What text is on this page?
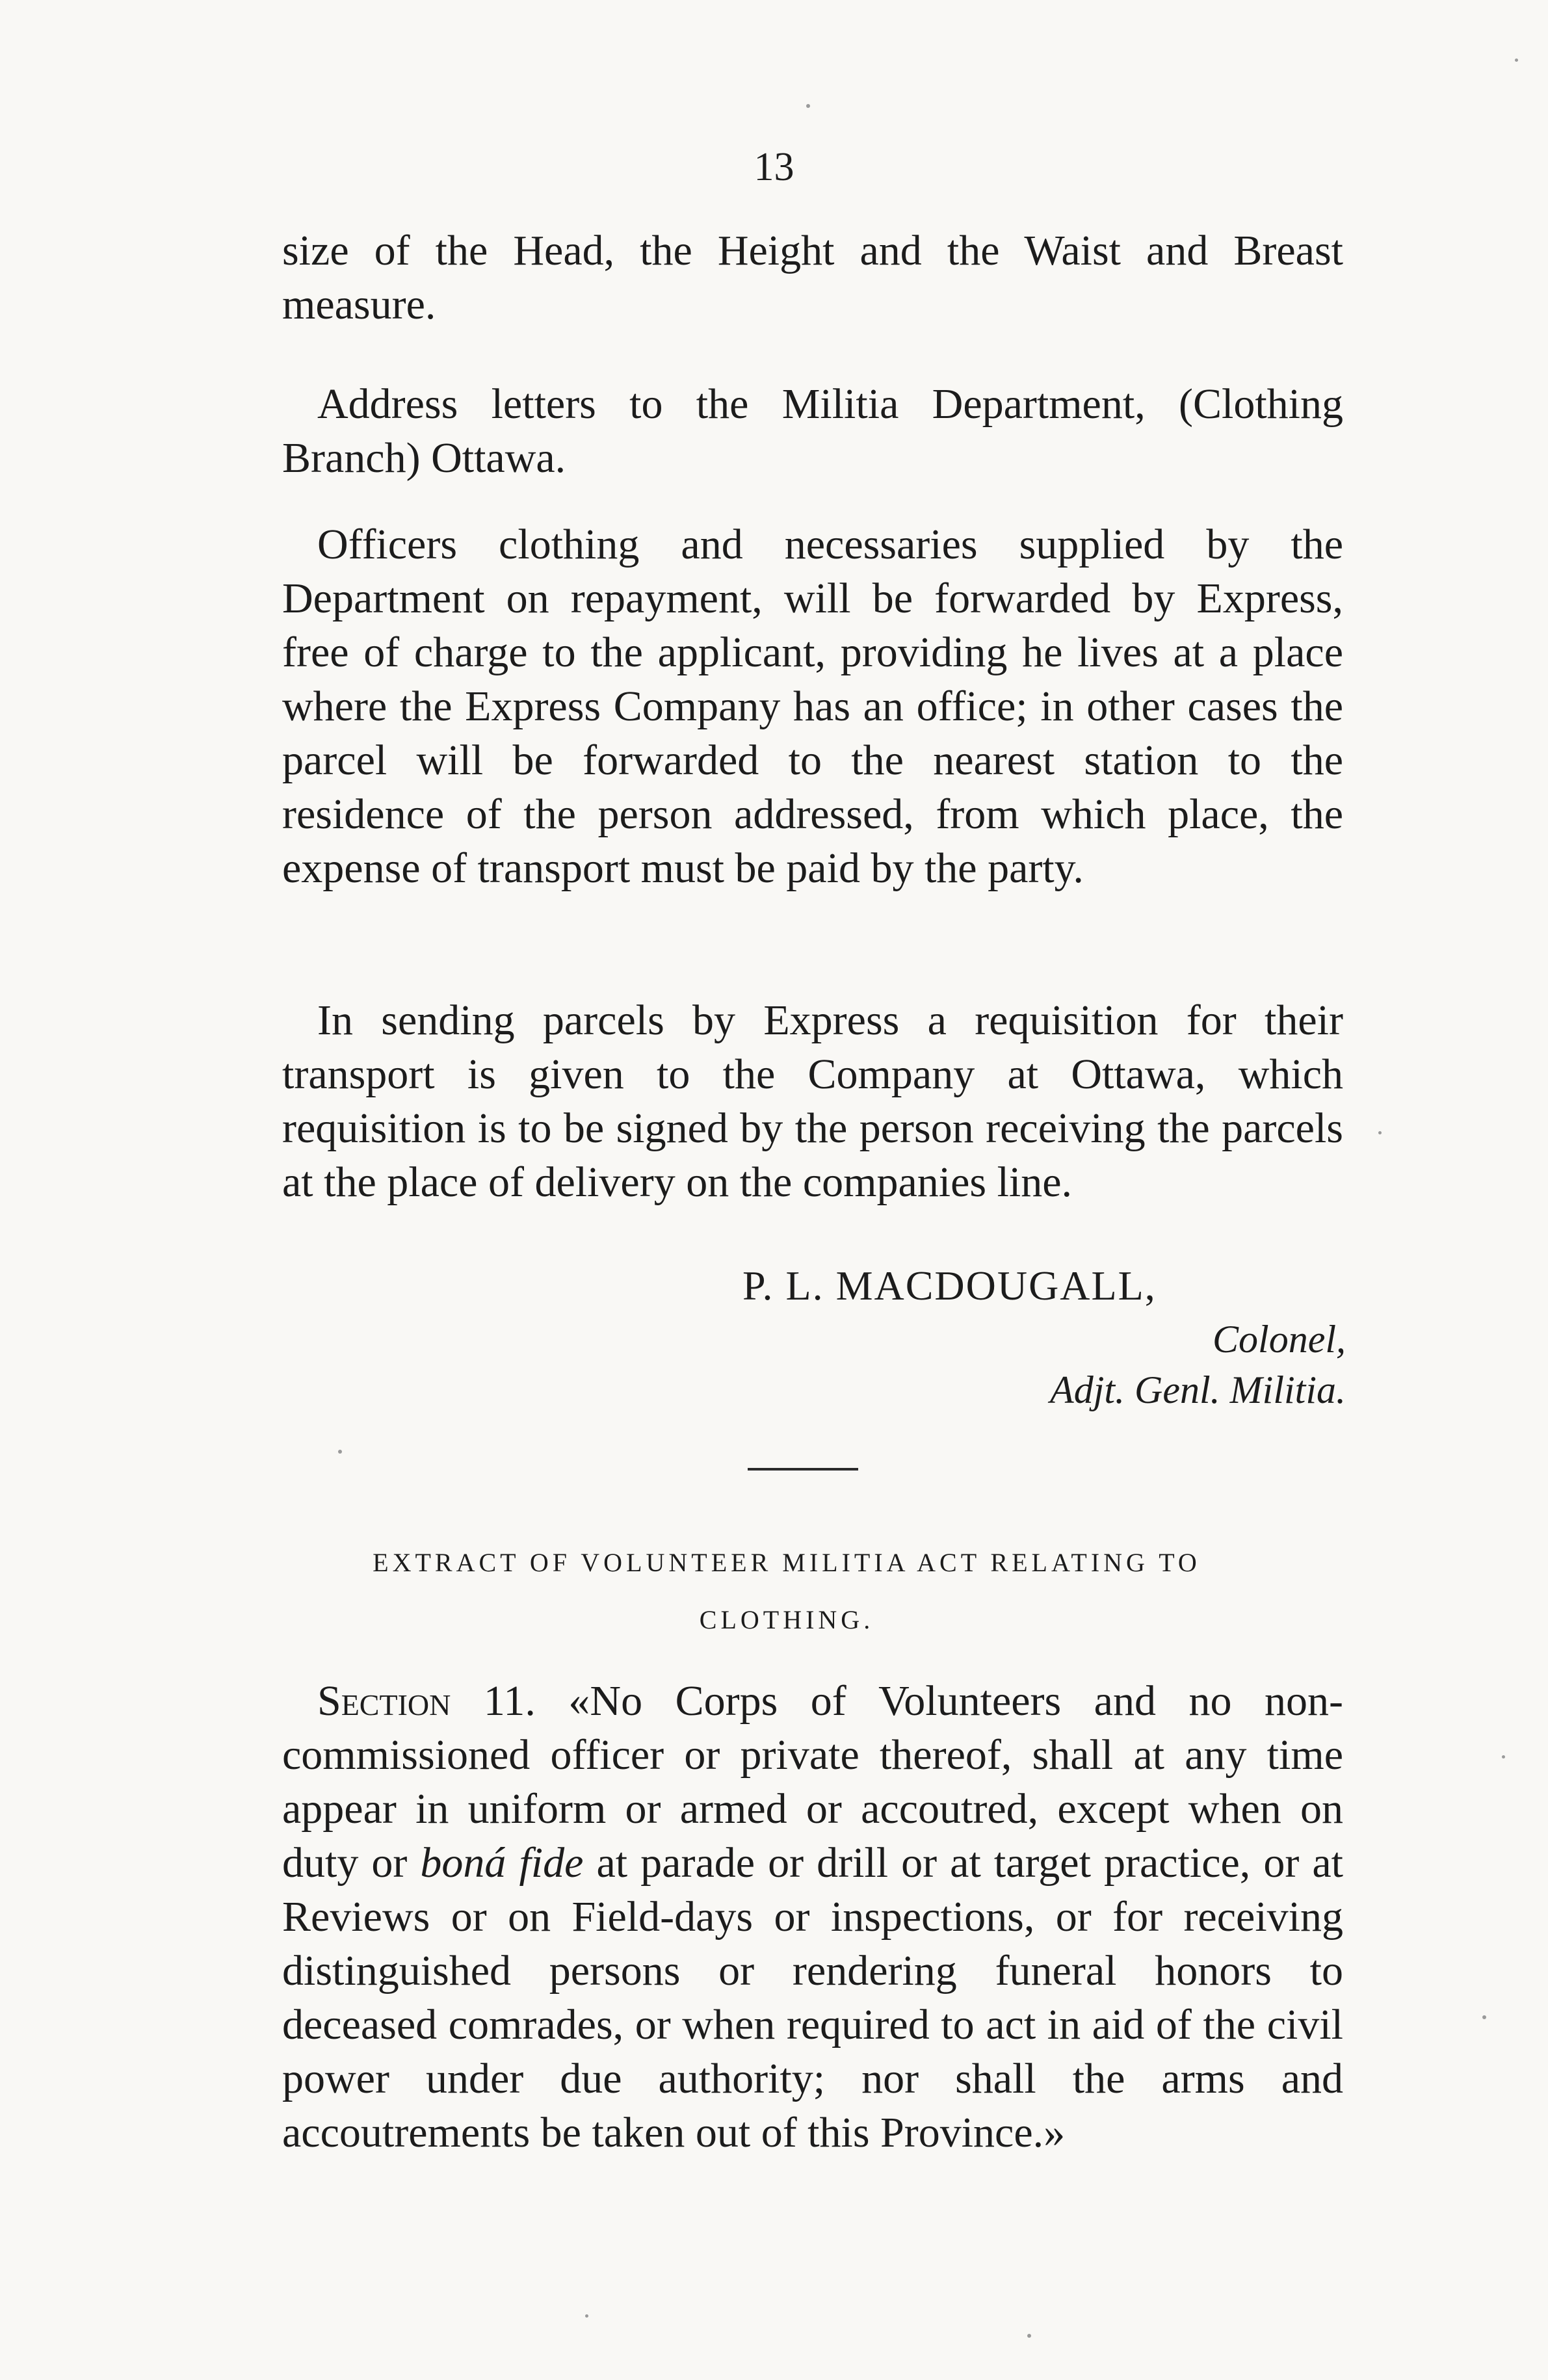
13

size of the Head, the Height and the Waist and Breast measure.

Address letters to the Militia Department, (Clothing Branch) Ottawa.

Officers clothing and necessaries supplied by the Department on repayment, will be forwarded by Express, free of charge to the applicant, providing he lives at a place where the Express Company has an office; in other cases the parcel will be forwarded to the nearest station to the residence of the person addressed, from which place, the expense of transport must be paid by the party.

In sending parcels by Express a requisition for their transport is given to the Company at Ottawa, which requisition is to be signed by the person receiving the parcels at the place of delivery on the companies line.

P. L. MACDOUGALL,
Colonel,
Adjt. Genl. Militia.
EXTRACT OF VOLUNTEER MILITIA ACT RELATING TO
CLOTHING.

Section 11. «No Corps of Volunteers and no non-commissioned officer or private thereof, shall at any time appear in uniform or armed or accoutred, except when on duty or boná fide at parade or drill or at target practice, or at Reviews or on Field-days or inspections, or for receiving distinguished persons or rendering funeral honors to deceased comrades, or when required to act in aid of the civil power under due authority; nor shall the arms and accoutrements be taken out of this Province.»
